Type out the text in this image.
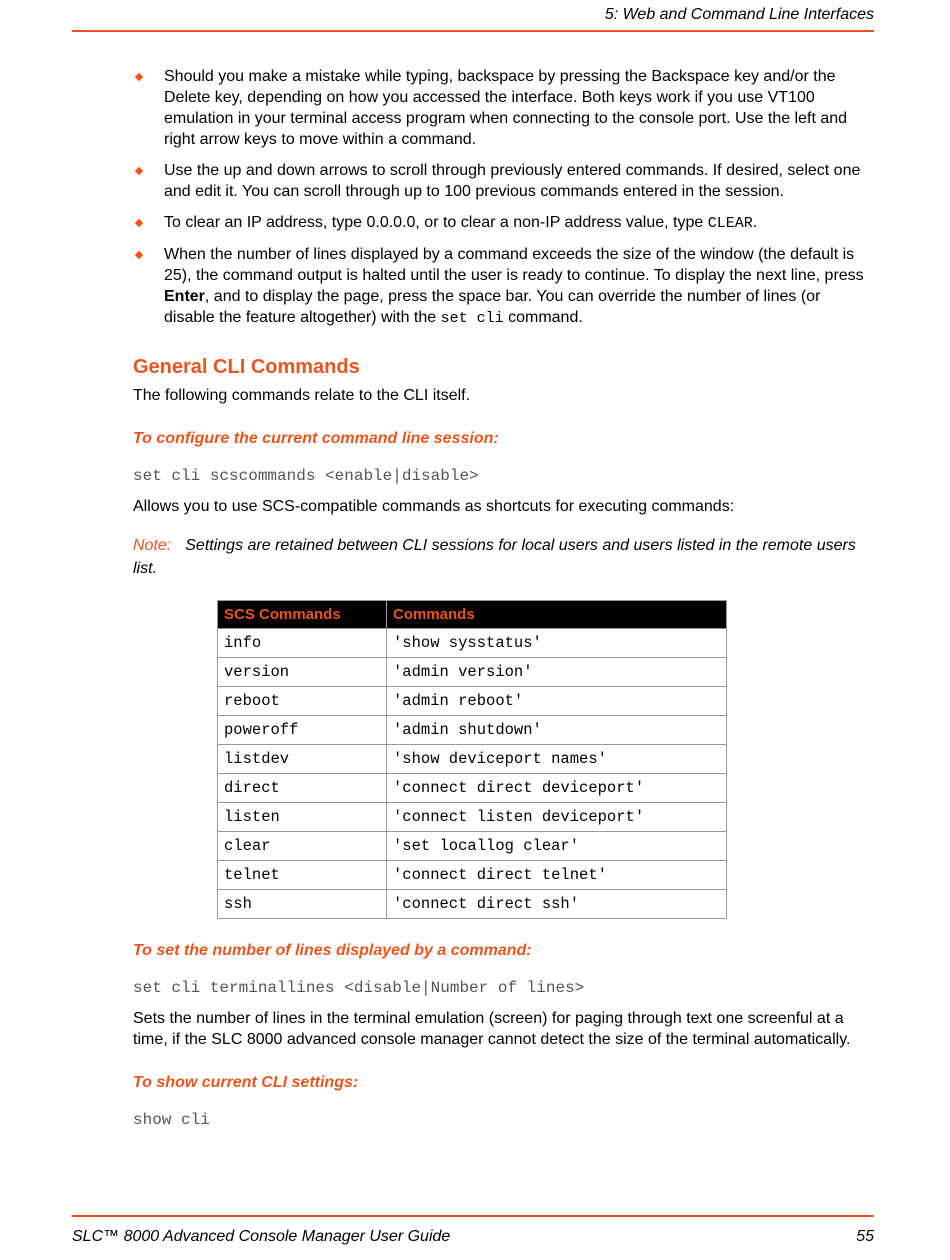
5: Web and Command Line Interfaces
Should you make a mistake while typing, backspace by pressing the Backspace key and/or the Delete key, depending on how you accessed the interface. Both keys work if you use VT100 emulation in your terminal access program when connecting to the console port. Use the left and right arrow keys to move within a command.
Use the up and down arrows to scroll through previously entered commands. If desired, select one and edit it. You can scroll through up to 100 previous commands entered in the session.
To clear an IP address, type 0.0.0.0, or to clear a non-IP address value, type CLEAR.
When the number of lines displayed by a command exceeds the size of the window (the default is 25), the command output is halted until the user is ready to continue. To display the next line, press Enter, and to display the page, press the space bar. You can override the number of lines (or disable the feature altogether) with the set cli command.
General CLI Commands

The following commands relate to the CLI itself.

To configure the current command line session:
set cli scscommands <enable|disable>

Allows you to use SCS-compatible commands as shortcuts for executing commands:

Note: Settings are retained between CLI sessions for local users and users listed in the remote users list.
SCS Commands	Commands
info	'show sysstatus'
version	'admin version'
reboot	'admin reboot'
poweroff	'admin shutdown'
listdev	'show deviceport names'
direct	'connect direct deviceport'
listen	'connect listen deviceport'
clear	'set locallog clear'
telnet	'connect direct telnet'
ssh	'connect direct ssh'
To set the number of lines displayed by a command:
set cli terminallines <disable|Number of lines>

Sets the number of lines in the terminal emulation (screen) for paging through text one screenful at a time, if the SLC 8000 advanced console manager cannot detect the size of the terminal automatically.

To show current CLI settings:
show cli
SLC™ 8000 Advanced Console Manager User Guide	55
